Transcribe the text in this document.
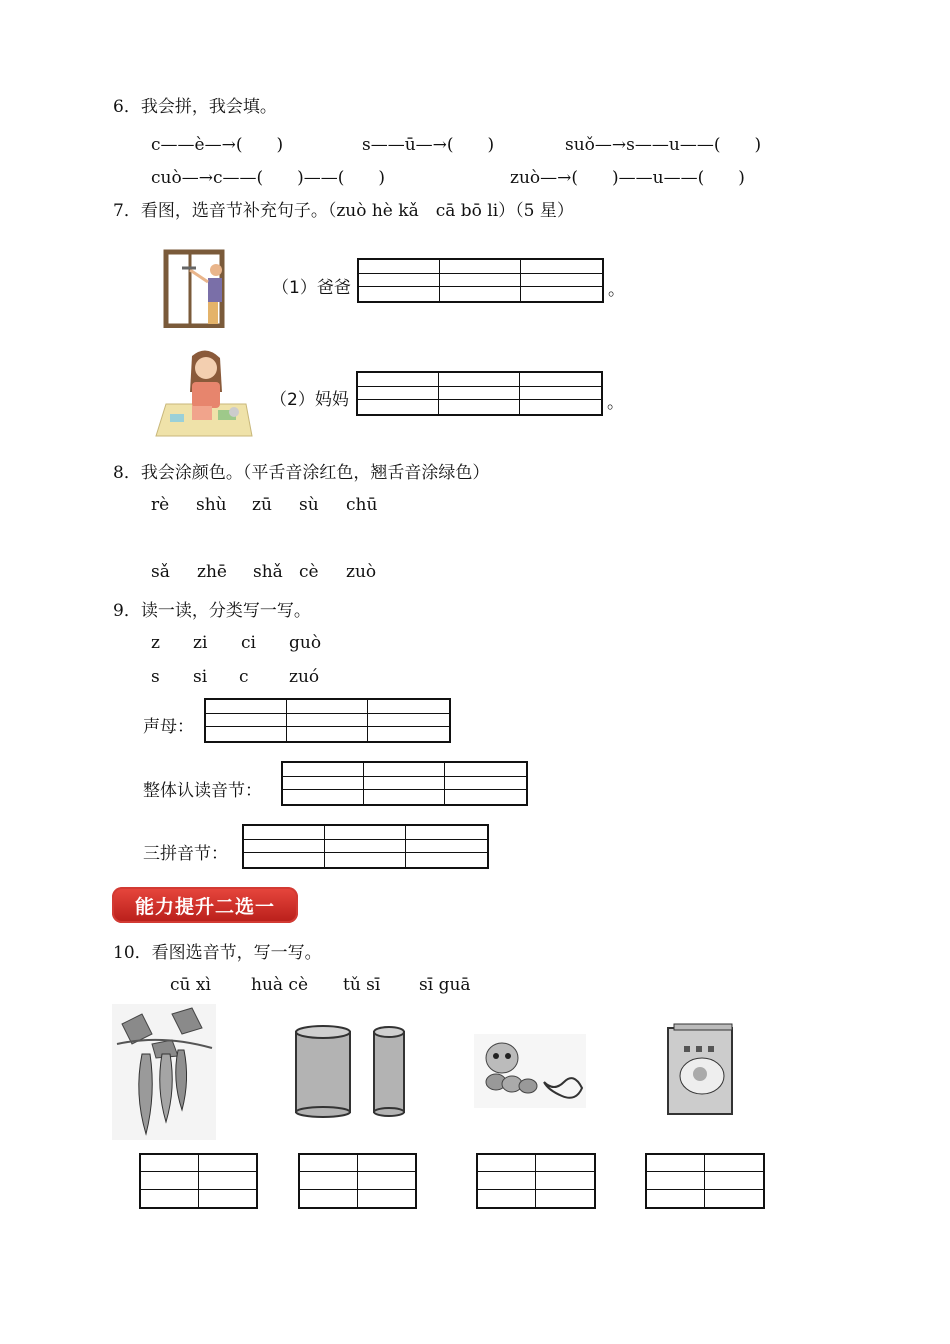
6．我会拼，我会填。
c——è—→(　　)	s——ū—→(　　)	suǒ—→s——u——(　　)
cuò—→c——(　　)——(　　)	zuò—→(　　)——u——(　　)
7．看图，选音节补充句子。（zuò hè kǎ　cā bō li）（5 星）
（1）爸爸	。
（2）妈妈	。
8．我会涂颜色。（平舌音涂红色，翘舌音涂绿色）
rè shù zū sù chū
sǎ zhē shǎ cè zuò
9．读一读，分类写一写。
z zi ci guò
s si c zuó
声母：
整体认读音节：
三拼音节：
能力提升二选一
10．看图选音节，写一写。
cū xì huà cè tǔ sī sī guā
